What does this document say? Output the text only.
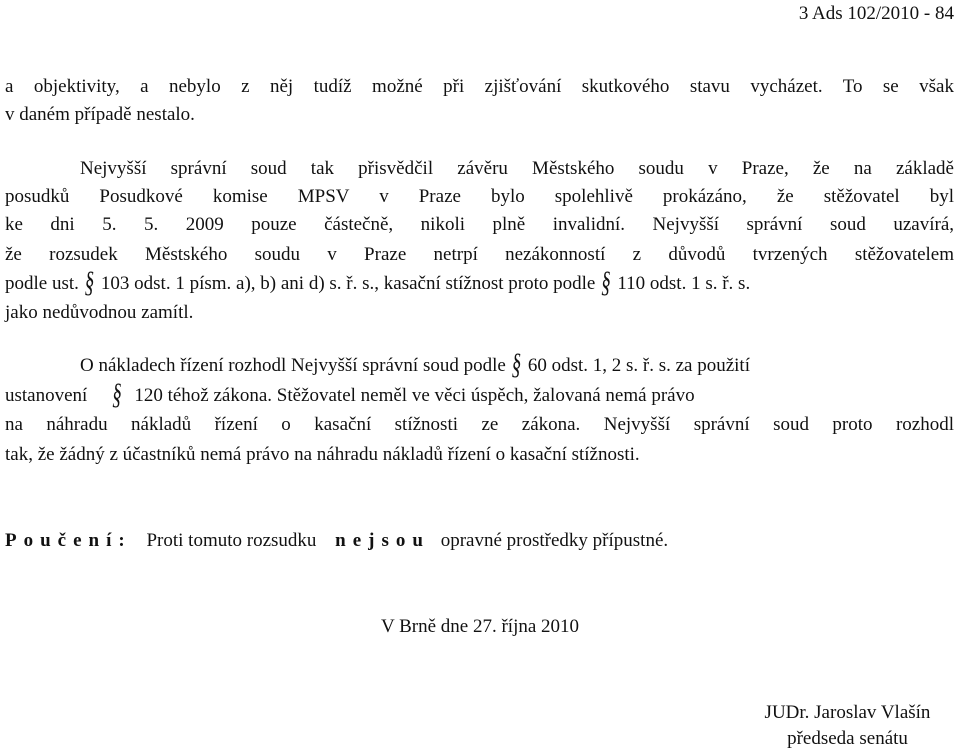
3 Ads 102/2010 - 84
a objektivity, a nebylo z něj tudíž možné při zjišťování skutkového stavu vycházet. To se však
v daném případě nestalo.
Nejvyšší správní soud tak přisvědčil závěru Městského soudu v Praze, že na základě
posudků Posudkové komise MPSV v Praze bylo spolehlivě prokázáno, že stěžovatel byl
ke dni 5. 5. 2009 pouze částečně, nikoli plně invalidní. Nejvyšší správní soud uzavírá,
že rozsudek Městského soudu v Praze netrpí nezákonností z důvodů tvrzených stěžovatelem
podle ust. § 103 odst. 1 písm. a), b) ani d) s. ř. s., kasační stížnost proto podle § 110 odst. 1 s. ř. s.
jako nedůvodnou zamítl.
O nákladech řízení rozhodl Nejvyšší správní soud podle § 60 odst. 1, 2 s. ř. s. za použití
ustanovení § 120 téhož zákona. Stěžovatel neměl ve věci úspěch, žalovaná nemá právo
na náhradu nákladů řízení o kasační stížnosti ze zákona. Nejvyšší správní soud proto rozhodl
tak, že žádný z účastníků nemá právo na náhradu nákladů řízení o kasační stížnosti.
Poučení: Proti tomuto rozsudku nejsou opravné prostředky přípustné.
V Brně dne 27. října 2010
JUDr. Jaroslav Vlašín
předseda senátu
